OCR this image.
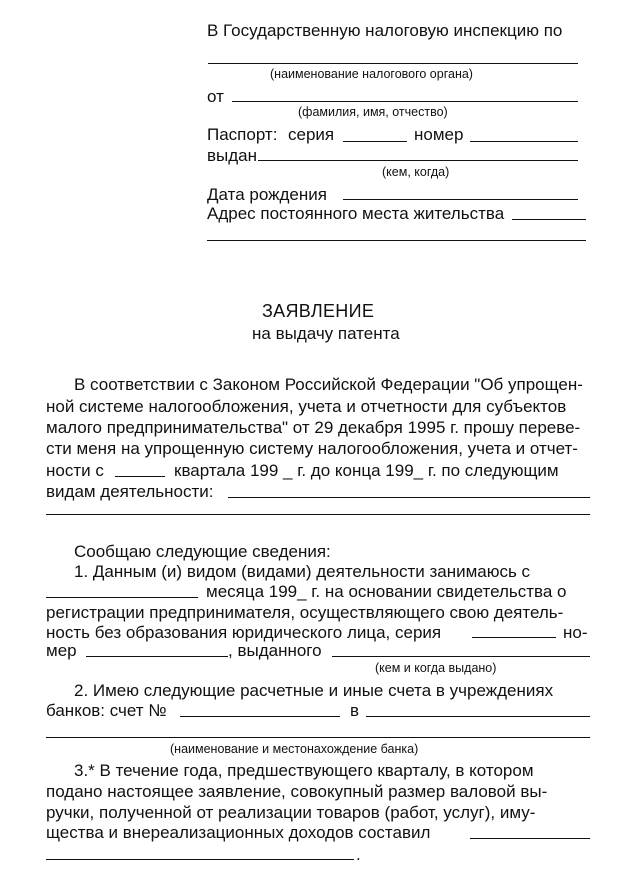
В Государственную налоговую инспекцию по
(наименование налогового органа)
от
(фамилия, имя, отчество)
Паспорт: серия	номер
выдан
(кем, когда)
Дата рождения
Адрес постоянного места жительства
ЗАЯВЛЕНИЕ
на выдачу патента
В соответствии с Законом Российской Федерации "Об упрощен-
ной системе налогообложения, учета и отчетности для субъектов
малого предпринимательства" от 29 декабря 1995 г. прошу переве-
сти меня на упрощенную систему налогообложения, учета и отчет-
ности с	квартала 199 _ г. до конца 199_ г. по следующим
видам деятельности:
Сообщаю следующие сведения:
1. Данным (и) видом (видами) деятельности занимаюсь с
месяца 199_ г. на основании свидетельства о
регистрации предпринимателя, осуществляющего свою деятель-
ность без образования юридического лица, серия	но-
мер	, выданного
(кем и когда выдано)
2. Имею следующие расчетные и иные счета в учреждениях
банков: счет №	в
(наименование и местонахождение банка)
3.* В течение года, предшествующего кварталу, в котором
подано настоящее заявление, совокупный размер валовой вы-
ручки, полученной от реализации товаров (работ, услуг), иму-
щества и внереализационных доходов составил
.
